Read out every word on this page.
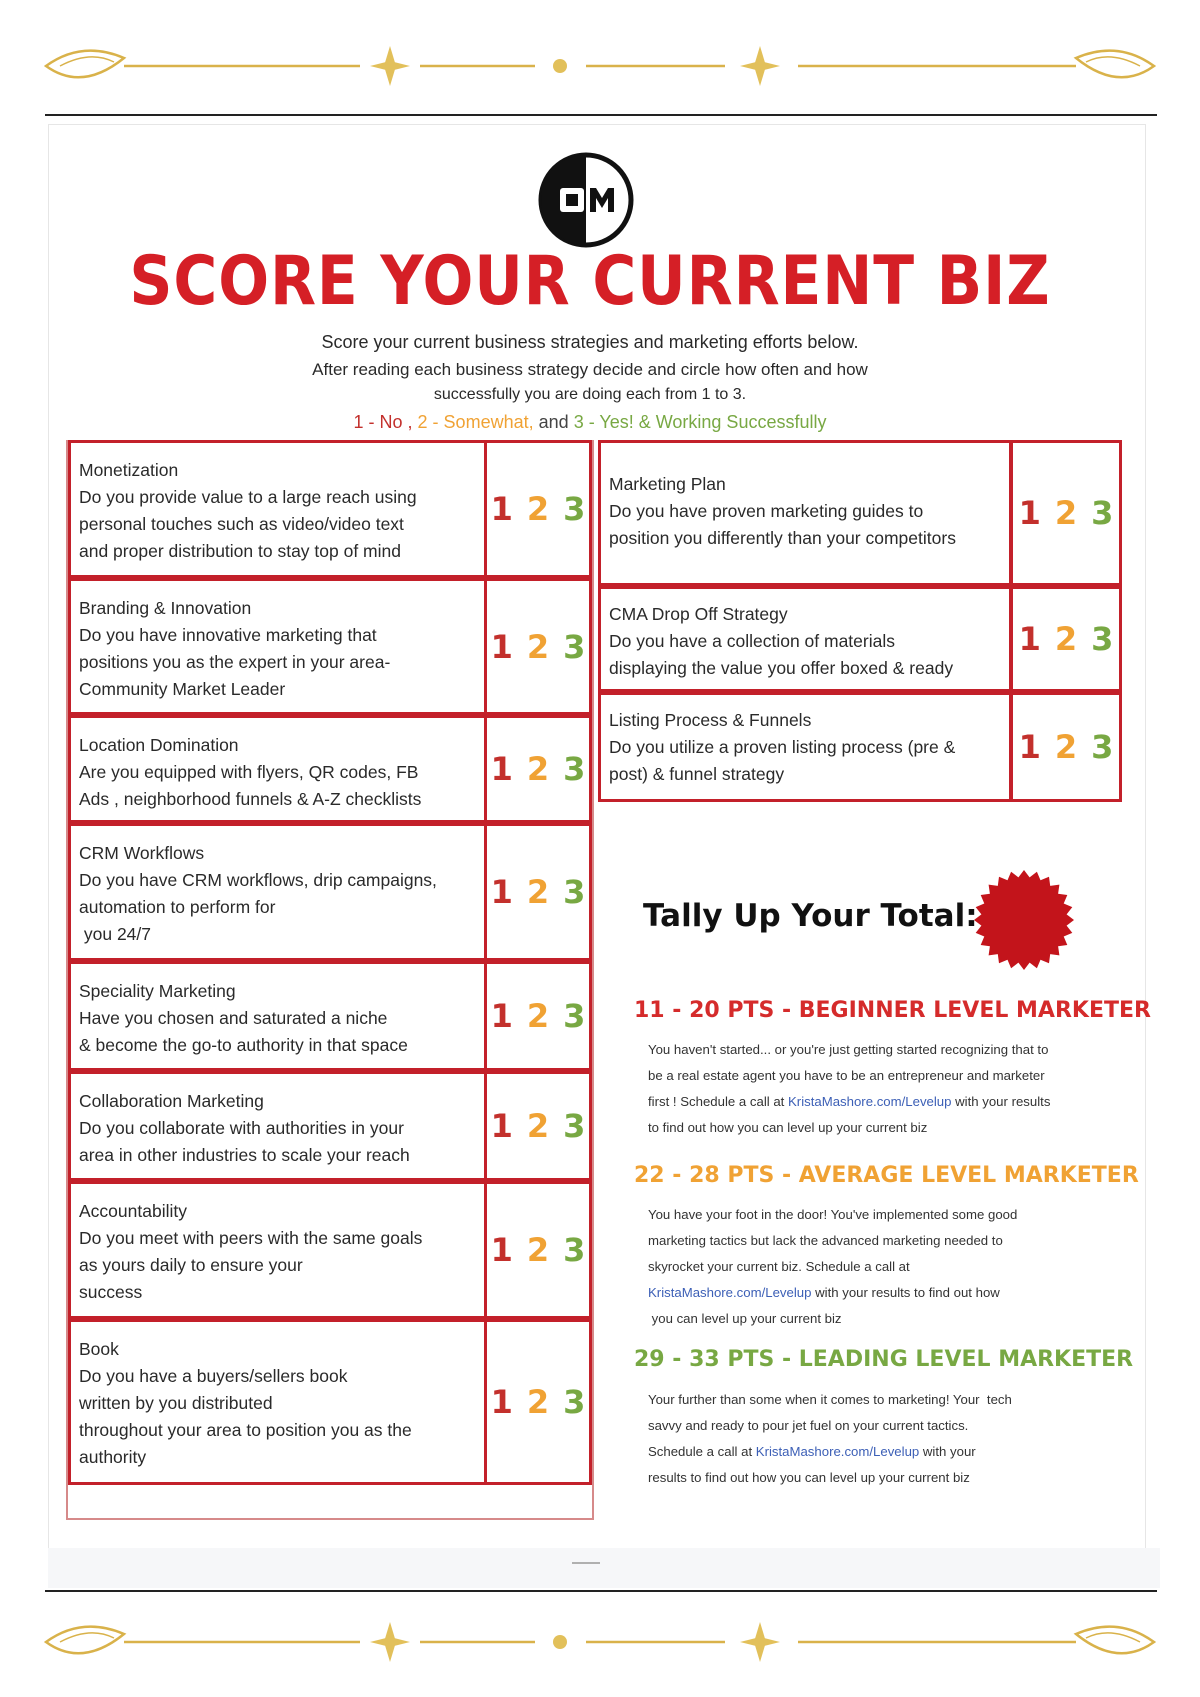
SCORE YOUR CURRENT BIZ
Score your current business strategies and marketing efforts below.
After reading each business strategy decide and circle how often and how
successfully you are doing each from 1 to 3.
1 - No , 2 - Somewhat, and 3 - Yes! & Working Successfully
Monetization
Do you provide value to a large reach using
personal touches such as video/video text
and proper distribution to stay top of mind
1 2 3
Branding & Innovation
Do you have innovative marketing that
positions you as the expert in your area-
Community Market Leader
1 2 3
Location Domination
Are you equipped with flyers, QR codes, FB
Ads , neighborhood funnels & A-Z checklists
1 2 3
CRM Workflows
Do you have CRM workflows, drip campaigns,
automation to perform for
you 24/7
1 2 3
Speciality Marketing
Have you chosen and saturated a niche
& become the go-to authority in that space
1 2 3
Collaboration Marketing
Do you collaborate with authorities in your
area in other industries to scale your reach
1 2 3
Accountability
Do you meet with peers with the same goals
as yours daily to ensure your
success
1 2 3
Book
Do you have a buyers/sellers book
written by you distributed
throughout your area to position you as the
authority
1 2 3
Marketing Plan
Do you have proven marketing guides to
position you differently than your competitors
1 2 3
CMA Drop Off Strategy
Do you have a collection of materials
displaying the value you offer boxed & ready
1 2 3
Listing Process & Funnels
Do you utilize a proven listing process (pre &
post) & funnel strategy
1 2 3
Tally Up Your Total:
11 - 20 PTS - BEGINNER LEVEL MARKETER
You haven't started... or you're just getting started recognizing that to
be a real estate agent you have to be an entrepreneur and marketer
first ! Schedule a call at KristaMashore.com/Levelup with your results
to find out how you can level up your current biz
22 - 28 PTS - AVERAGE LEVEL MARKETER
You have your foot in the door! You've implemented some good
marketing tactics but lack the advanced marketing needed to
skyrocket your current biz. Schedule a call at
KristaMashore.com/Levelup with your results to find out how
you can level up your current biz
29 - 33 PTS - LEADING LEVEL MARKETER
Your further than some when it comes to marketing! Your  tech
savvy and ready to pour jet fuel on your current tactics.
Schedule a call at KristaMashore.com/Levelup with your
results to find out how you can level up your current biz
